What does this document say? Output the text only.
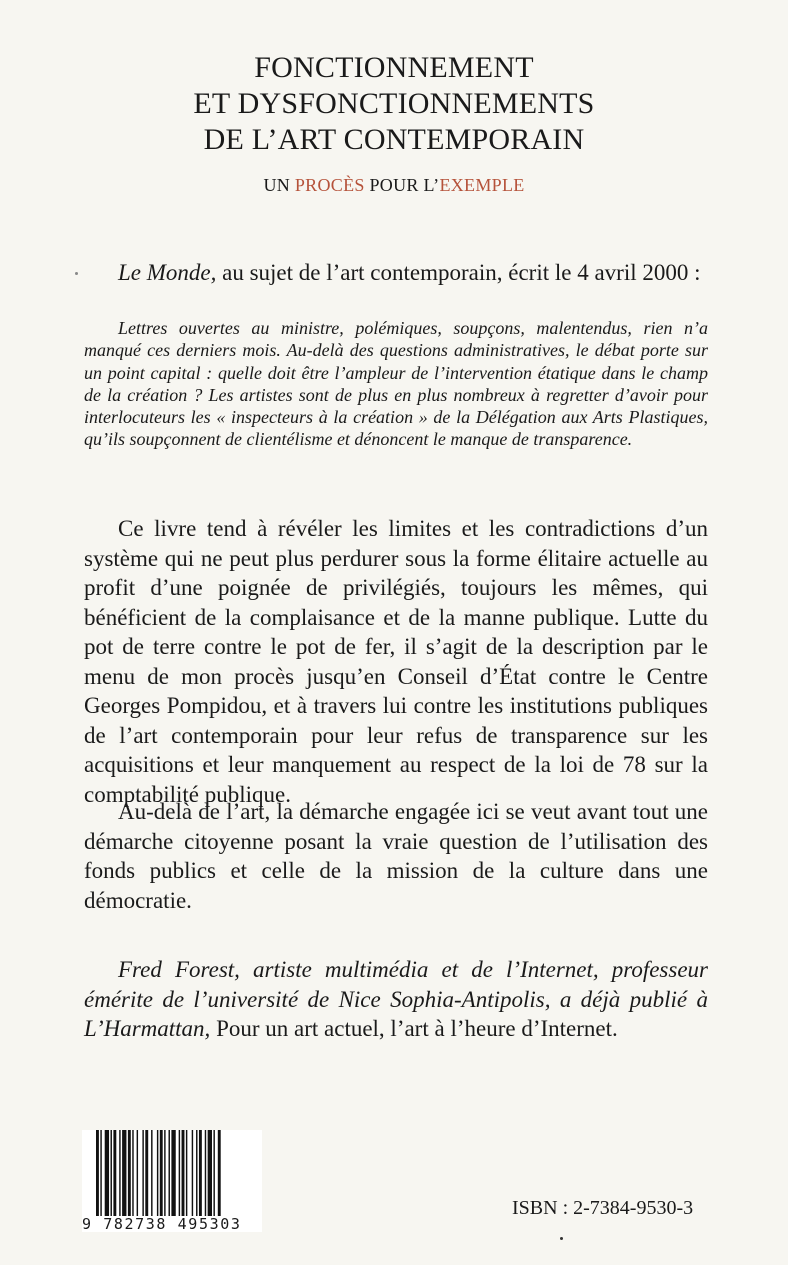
FONCTIONNEMENT
ET DYSFONCTIONNEMENTS
DE L’ART CONTEMPORAIN
UN PROCÈS POUR L’EXEMPLE
Le Monde, au sujet de l’art contemporain, écrit le 4 avril 2000 :
Lettres ouvertes au ministre, polémiques, soupçons, malentendus, rien n’a manqué ces derniers mois. Au-delà des questions administratives, le débat porte sur un point capital : quelle doit être l’ampleur de l’intervention étatique dans le champ de la création ? Les artistes sont de plus en plus nombreux à regretter d’avoir pour interlocuteurs les « inspecteurs à la création » de la Délégation aux Arts Plastiques, qu’ils soupçonnent de clientélisme et dénoncent le manque de transparence.
Ce livre tend à révéler les limites et les contradictions d’un système qui ne peut plus perdurer sous la forme élitaire actuelle au profit d’une poignée de privilégiés, toujours les mêmes, qui bénéficient de la complaisance et de la manne publique. Lutte du pot de terre contre le pot de fer, il s’agit de la description par le menu de mon procès jusqu’en Conseil d’État contre le Centre Georges Pompidou, et à travers lui contre les institutions publiques de l’art contemporain pour leur refus de transparence sur les acquisitions et leur manquement au respect de la loi de 78 sur la comptabilité publique.
Au-delà de l’art, la démarche engagée ici se veut avant tout une démarche citoyenne posant la vraie question de l’utilisation des fonds publics et celle de la mission de la culture dans une démocratie.
Fred Forest, artiste multimédia et de l’Internet, professeur émérite de l’université de Nice Sophia-Antipolis, a déjà publié à L’Harmattan, Pour un art actuel, l’art à l’heure d’Internet.
9 782738 495303
ISBN : 2-7384-9530-3
